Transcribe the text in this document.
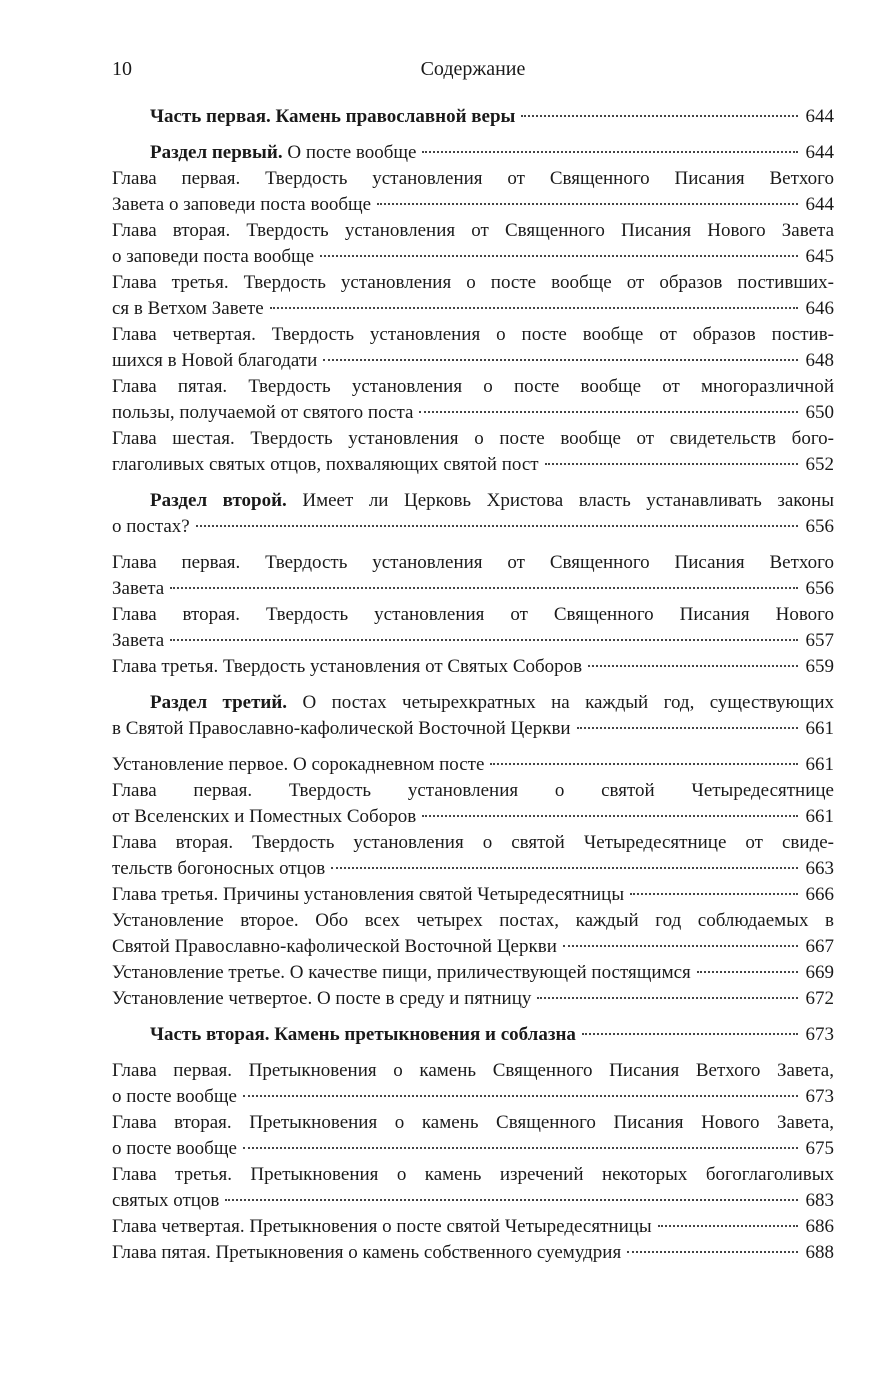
10	Содержание
Часть первая. Камень православной веры	644
Раздел первый. О посте вообще	644
Глава первая. Твердость установления от Священного Писания Ветхого
Завета о заповеди поста вообще	644
Глава вторая. Твердость установления от Священного Писания Нового Завета
о заповеди поста вообще	645
Глава третья. Твердость установления о посте вообще от образов постивших-
ся в Ветхом Завете	646
Глава четвертая. Твердость установления о посте вообще от образов постив-
шихся в Новой благодати	648
Глава пятая. Твердость установления о посте вообще от многоразличной
пользы, получаемой от святого поста	650
Глава шестая. Твердость установления о посте вообще от свидетельств бого-
глаголивых святых отцов, похваляющих святой пост	652
Раздел второй. Имеет ли Церковь Христова власть устанавливать законы
о постах?	656
Глава первая. Твердость установления от Священного Писания Ветхого
Завета	656
Глава вторая. Твердость установления от Священного Писания Нового
Завета	657
Глава третья. Твердость установления от Святых Соборов	659
Раздел третий. О постах четырехкратных на каждый год, существующих
в Святой Православно-кафолической Восточной Церкви	661
Установление первое. О сорокадневном посте	661
Глава первая. Твердость установления о святой Четыредесятнице
от Вселенских и Поместных Соборов	661
Глава вторая. Твердость установления о святой Четыредесятнице от свиде-
тельств богоносных отцов	663
Глава третья. Причины установления святой Четыредесятницы	666
Установление второе. Обо всех четырех постах, каждый год соблюдаемых в
Святой Православно-кафолической Восточной Церкви	667
Установление третье. О качестве пищи, приличествующей постящимся	669
Установление четвертое. О посте в среду и пятницу	672
Часть вторая. Камень претыкновения и соблазна	673
Глава первая. Претыкновения о камень Священного Писания Ветхого Завета,
о посте вообще	673
Глава вторая. Претыкновения о камень Священного Писания Нового Завета,
о посте вообще	675
Глава третья. Претыкновения о камень изречений некоторых богоглаголивых
святых отцов	683
Глава четвертая. Претыкновения о посте святой Четыредесятницы	686
Глава пятая. Претыкновения о камень собственного суемудрия	688
